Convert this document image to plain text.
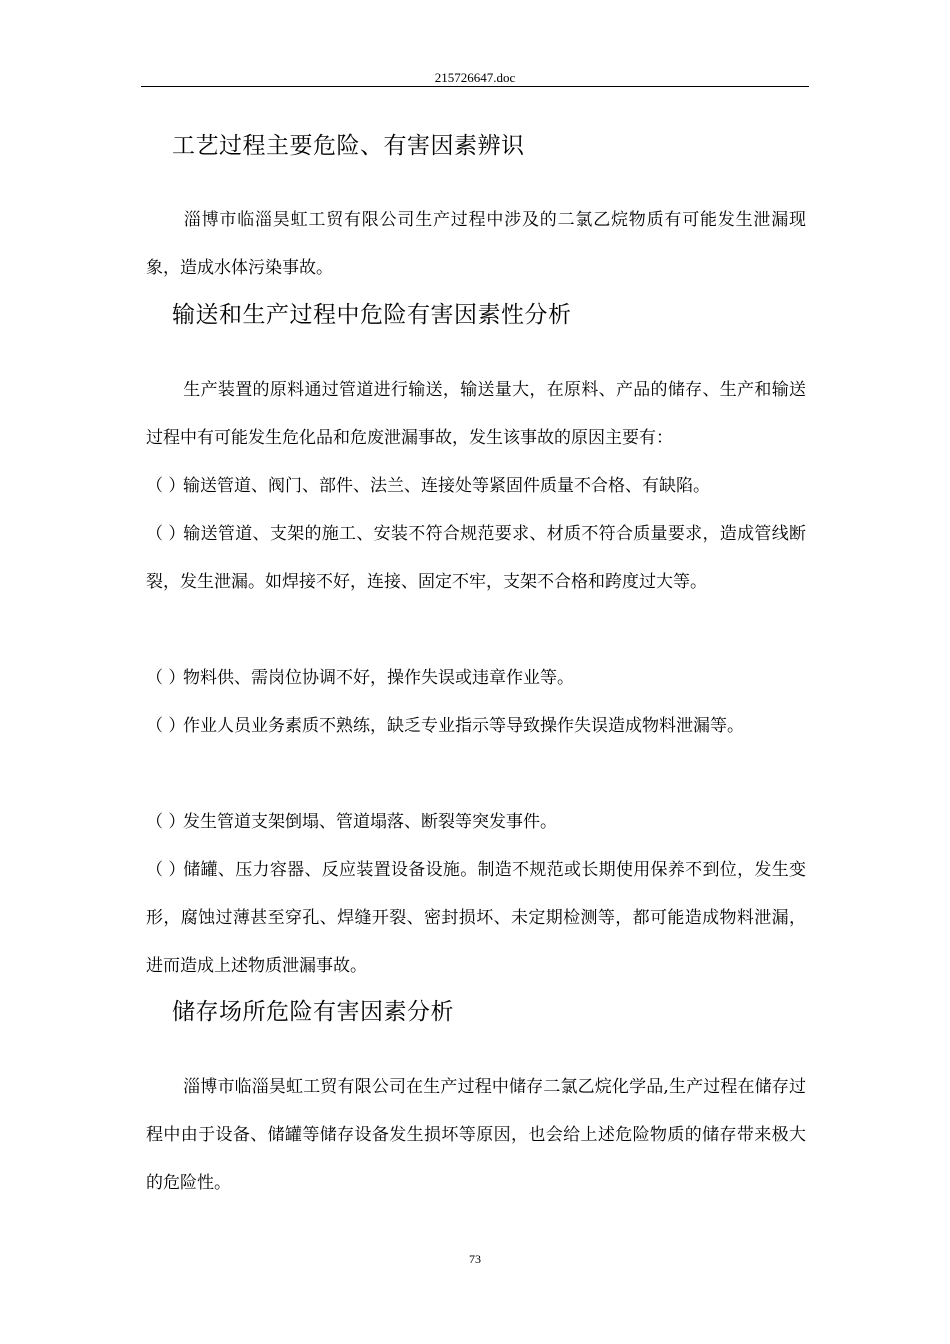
215726647.doc
工艺过程主要危险、有害因素辨识
淄博市临淄昊虹工贸有限公司生产过程中涉及的二氯乙烷物质有可能发生泄漏现象，造成水体污染事故。
输送和生产过程中危险有害因素性分析
生产装置的原料通过管道进行输送，输送量大，在原料、产品的储存、生产和输送过程中有可能发生危化品和危废泄漏事故，发生该事故的原因主要有：
（ ）输送管道、阀门、部件、法兰、连接处等紧固件质量不合格、有缺陷。
（ ）输送管道、支架的施工、安装不符合规范要求、材质不符合质量要求，造成管线断裂，发生泄漏。如焊接不好，连接、固定不牢，支架不合格和跨度过大等。
（ ）物料供、需岗位协调不好，操作失误或违章作业等。
（ ）作业人员业务素质不熟练，缺乏专业指示等导致操作失误造成物料泄漏等。
（ ）发生管道支架倒塌、管道塌落、断裂等突发事件。
（ ）储罐、压力容器、反应装置设备设施。制造不规范或长期使用保养不到位，发生变形，腐蚀过薄甚至穿孔、焊缝开裂、密封损坏、未定期检测等，都可能造成物料泄漏，进而造成上述物质泄漏事故。
储存场所危险有害因素分析
淄博市临淄昊虹工贸有限公司在生产过程中储存二氯乙烷化学品,生产过程在储存过程中由于设备、储罐等储存设备发生损坏等原因，也会给上述危险物质的储存带来极大的危险性。
73
